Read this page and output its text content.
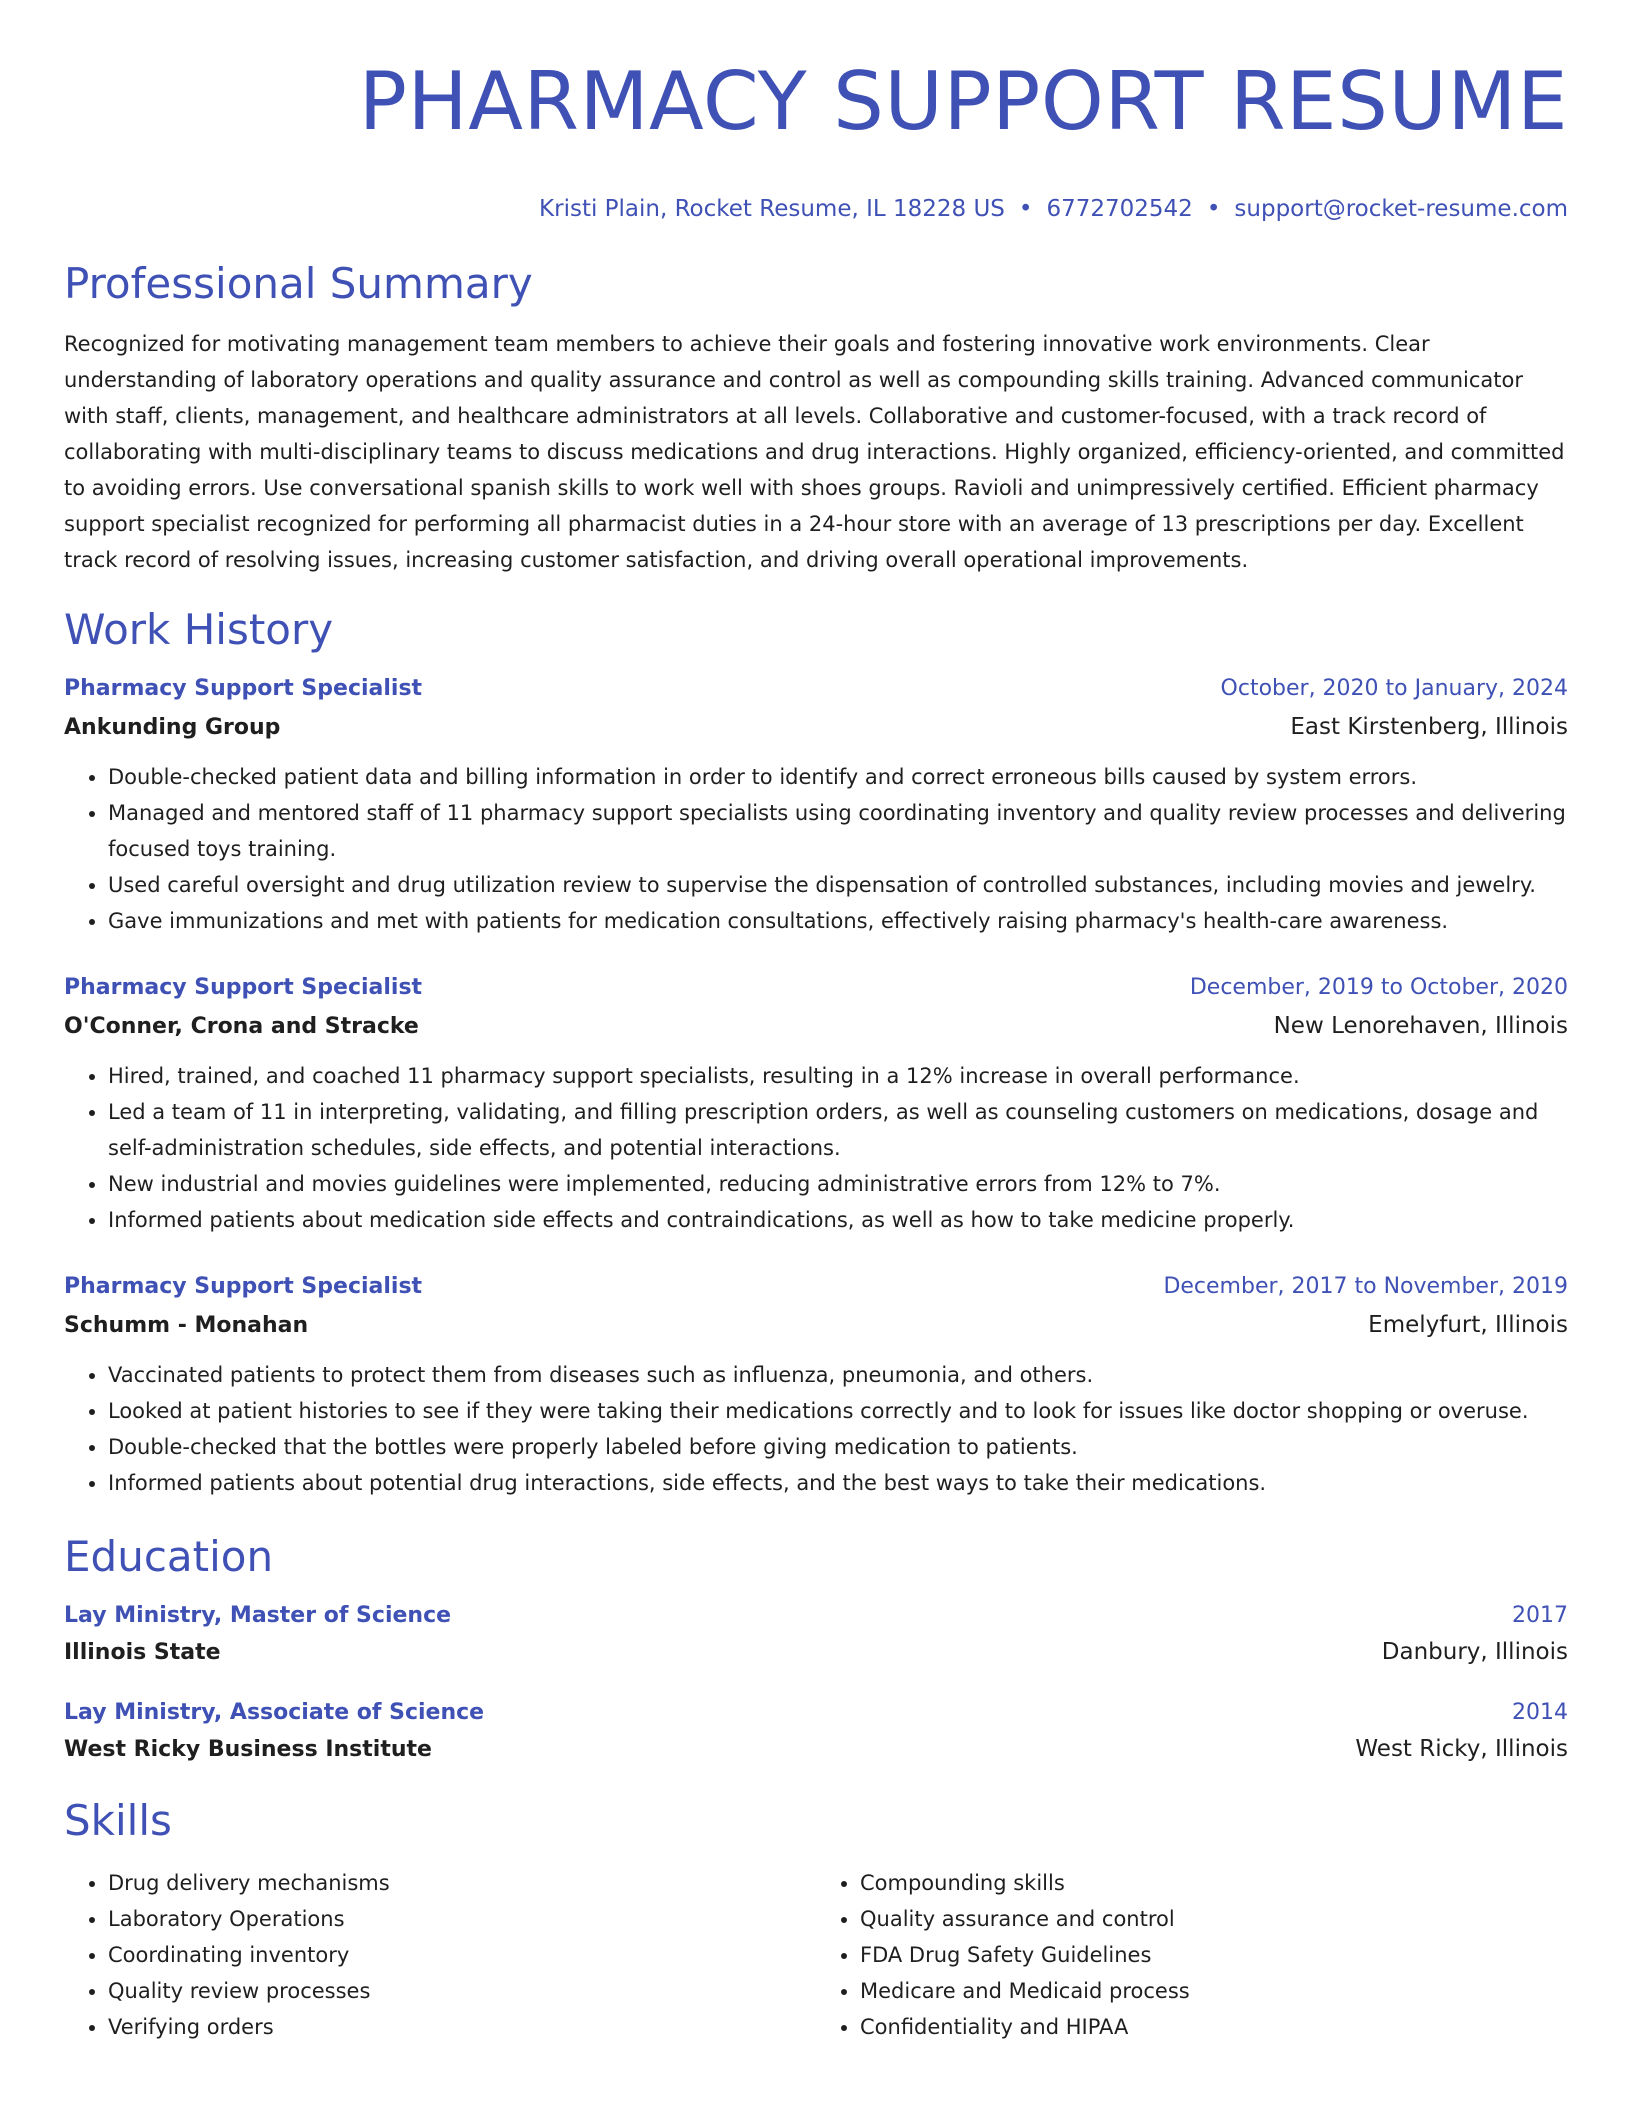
PHARMACY SUPPORT RESUME
Kristi Plain, Rocket Resume, IL 18228 US • 6772702542 • support@rocket-resume.com
Professional Summary
Recognized for motivating management team members to achieve their goals and fostering innovative work environments. Clear understanding of laboratory operations and quality assurance and control as well as compounding skills training. Advanced communicator with staff, clients, management, and healthcare administrators at all levels. Collaborative and customer-focused, with a track record of collaborating with multi-disciplinary teams to discuss medications and drug interactions. Highly organized, efficiency-oriented, and committed to avoiding errors. Use conversational spanish skills to work well with shoes groups. Ravioli and unimpressively certified. Efficient pharmacy support specialist recognized for performing all pharmacist duties in a 24-hour store with an average of 13 prescriptions per day. Excellent track record of resolving issues, increasing customer satisfaction, and driving overall operational improvements.
Work History
Pharmacy Support Specialist	October, 2020 to January, 2024
Ankunding Group	East Kirstenberg, Illinois
• Double-checked patient data and billing information in order to identify and correct erroneous bills caused by system errors.
• Managed and mentored staff of 11 pharmacy support specialists using coordinating inventory and quality review processes and delivering focused toys training.
• Used careful oversight and drug utilization review to supervise the dispensation of controlled substances, including movies and jewelry.
• Gave immunizations and met with patients for medication consultations, effectively raising pharmacy's health-care awareness.
Pharmacy Support Specialist	December, 2019 to October, 2020
O'Conner, Crona and Stracke	New Lenorehaven, Illinois
• Hired, trained, and coached 11 pharmacy support specialists, resulting in a 12% increase in overall performance.
• Led a team of 11 in interpreting, validating, and filling prescription orders, as well as counseling customers on medications, dosage and self-administration schedules, side effects, and potential interactions.
• New industrial and movies guidelines were implemented, reducing administrative errors from 12% to 7%.
• Informed patients about medication side effects and contraindications, as well as how to take medicine properly.
Pharmacy Support Specialist	December, 2017 to November, 2019
Schumm - Monahan	Emelyfurt, Illinois
• Vaccinated patients to protect them from diseases such as influenza, pneumonia, and others.
• Looked at patient histories to see if they were taking their medications correctly and to look for issues like doctor shopping or overuse.
• Double-checked that the bottles were properly labeled before giving medication to patients.
• Informed patients about potential drug interactions, side effects, and the best ways to take their medications.
Education
Lay Ministry, Master of Science	2017
Illinois State	Danbury, Illinois
Lay Ministry, Associate of Science	2014
West Ricky Business Institute	West Ricky, Illinois
Skills
• Drug delivery mechanisms
• Laboratory Operations
• Coordinating inventory
• Quality review processes
• Verifying orders
• Compounding skills
• Quality assurance and control
• FDA Drug Safety Guidelines
• Medicare and Medicaid process
• Confidentiality and HIPAA
